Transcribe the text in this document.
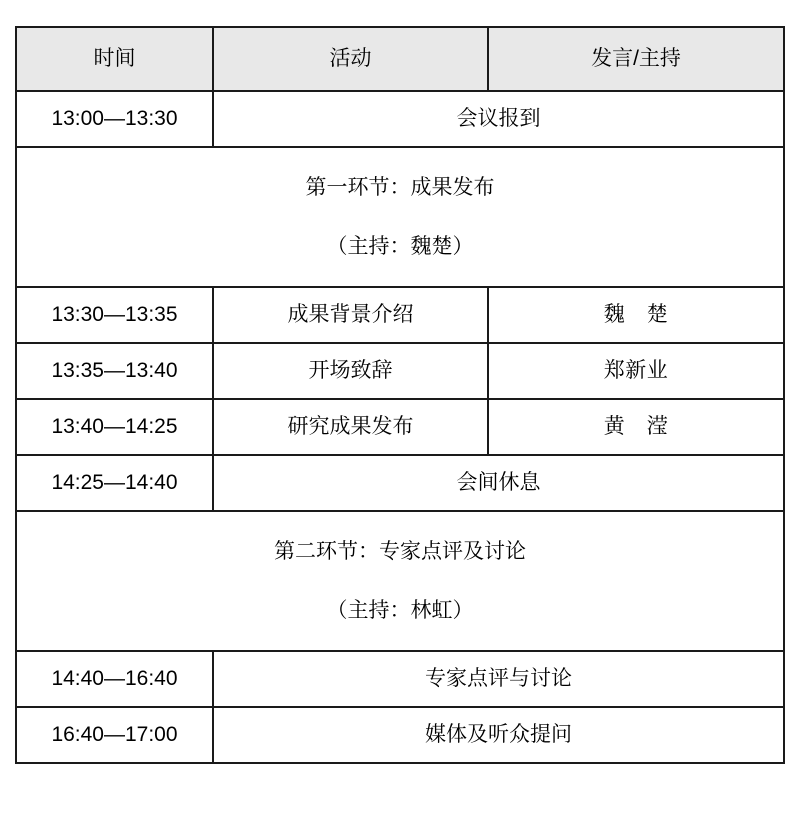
时间	活动	发言/主持
13:00—13:30	会议报到	

第一环节：成果发布
（主持：魏楚）		

13:30—13:35	成果背景介绍	魏　楚
13:35—13:40	开场致辞	郑新业
13:40—14:25	研究成果发布	黄　滢
14:25—14:40	会间休息	

第二环节：专家点评及讨论
（主持：林虹）		

14:40—16:40	专家点评与讨论	
16:40—17:00	媒体及听众提问	
